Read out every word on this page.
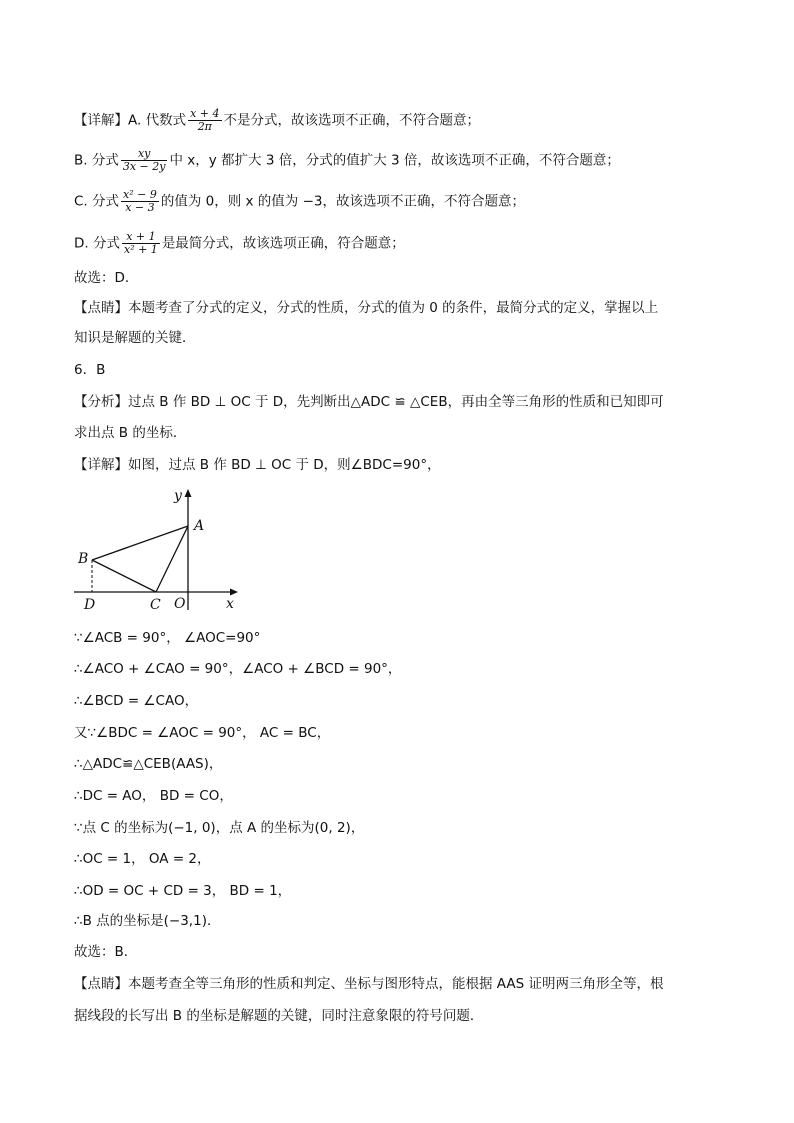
【详解】A. 代数式 $\frac{x + 4}{2\pi}$ 不是分式，故该选项不正确，不符合题意；
B. 分式 $\frac{xy}{3x - 2y}$ 中 x，y 都扩大 3 倍，分式的值扩大 3 倍，故该选项不正确，不符合题意；
C. 分式 $\frac{\text{x² − 9}}{x - 3}$ 的值为 0，则 x 的值为 −3，故该选项不正确，不符合题意；
D. 分式 $\frac{x + 1}{\text{x² + 1}}$ 是最简分式，故该选项正确，符合题意；
故选：D．
【点睛】本题考查了分式的定义，分式的性质，分式的值为 0 的条件，最简分式的定义，掌握以上
知识是解题的关键．
6．B
【分析】过点 B 作 BD ⊥ OC 于 D，先判断出△ADC ≌ △CEB，再由全等三角形的性质和已知即可
求出点 B 的坐标．
【详解】如图，过点 B 作 BD ⊥ OC 于 D，则∠BDC=90°，
y
x
A
B
C
D	O
∵∠ACB = 90°， ∠AOC=90°
∴∠ACO + ∠CAO = 90°，∠ACO + ∠BCD = 90°，
∴∠BCD = ∠CAO，
又∵∠BDC = ∠AOC = 90°， AC = BC，
∴△ADC≌△CEB(AAS)，
∴DC = AO， BD = CO，
∵点 C 的坐标为(−1, 0)，点 A 的坐标为(0, 2)，
∴OC = 1， OA = 2，
∴OD = OC + CD = 3， BD = 1，
∴B 点的坐标是(−3,1)．
故选：B．
【点睛】本题考查全等三角形的性质和判定、坐标与图形特点，能根据 AAS 证明两三角形全等，根
据线段的长写出 B 的坐标是解题的关键，同时注意象限的符号问题．
